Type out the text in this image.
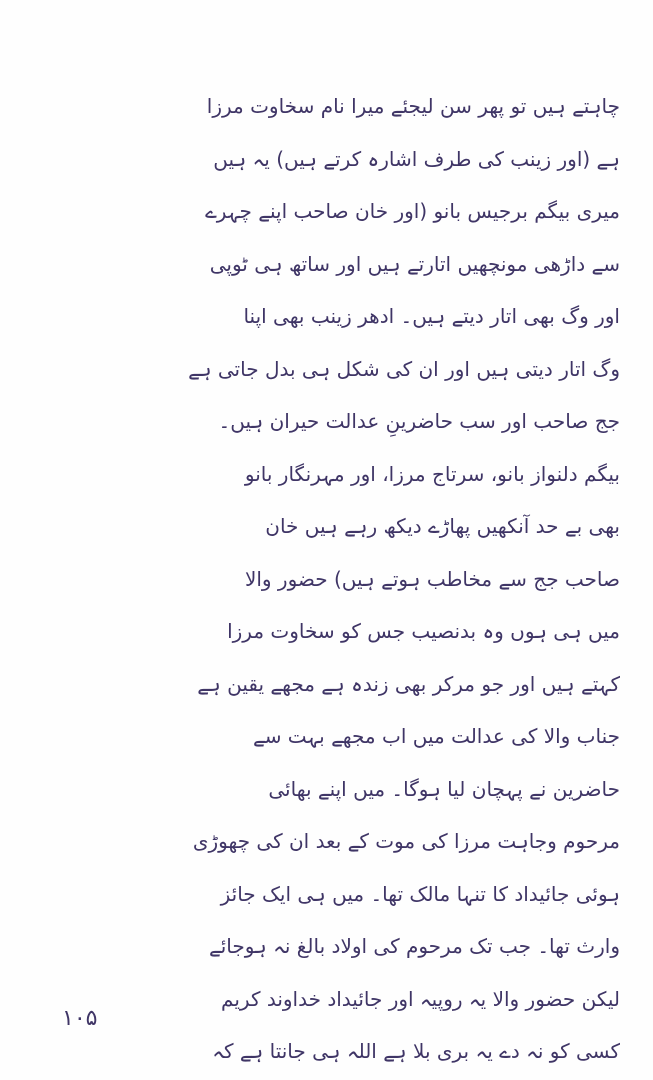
چاہتے ہیں تو پھر سن لیجئے میرا نام سخاوت مرزا
ہے (اور زینب کی طرف اشارہ کرتے ہیں) یہ ہیں
میری بیگم برجیس بانو (اور خان صاحب اپنے چہرے
سے داڑھی مونچھیں اتارتے ہیں اور ساتھ ہی ٹوپی
اور وگ بھی اتار دیتے ہیں۔ ادھر زینب بھی اپنا
وگ اتار دیتی ہیں اور ان کی شکل ہی بدل جاتی ہے
جج صاحب اور سب حاضرینِ عدالت حیران ہیں۔
بیگم دلنواز بانو، سرتاج مرزا، اور مہرنگار بانو
بھی بے حد آنکھیں پھاڑے دیکھ رہے ہیں خان
صاحب جج سے مخاطب ہوتے ہیں) حضور والا
میں ہی ہوں وہ بدنصیب جس کو سخاوت مرزا
کہتے ہیں اور جو مرکر بھی زندہ ہے مجھے یقین ہے
جناب والا کی عدالت میں اب مجھے بہت سے
حاضرین نے پہچان لیا ہوگا۔ میں اپنے بھائی
مرحوم وجاہت مرزا کی موت کے بعد ان کی چھوڑی
ہوئی جائیداد کا تنہا مالک تھا۔ میں ہی ایک جائز
وارث تھا۔ جب تک مرحوم کی اولاد بالغ نہ ہوجائے
لیکن حضور والا یہ روپیہ اور جائیداد خداوند کریم
کسی کو نہ دے یہ بری بلا ہے اللہ ہی جانتا ہے کہ
۱۰۵
